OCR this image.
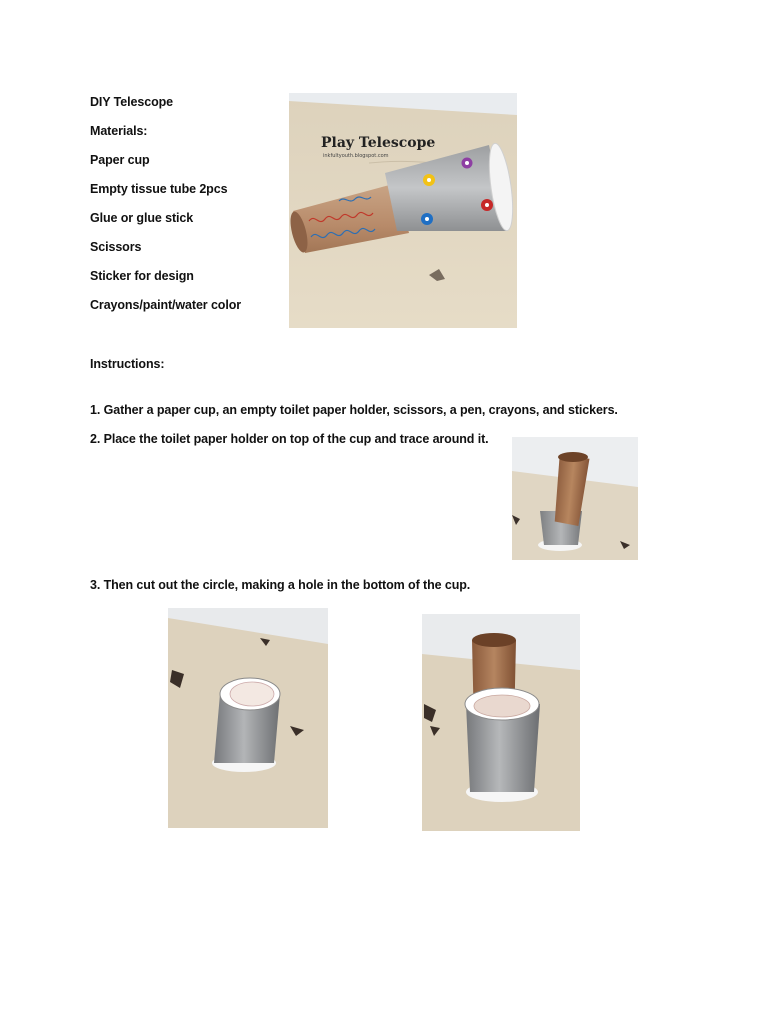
DIY Telescope
Materials:
Paper cup
Empty tissue tube 2pcs
Glue or glue stick
Scissors
Sticker for design
Crayons/paint/water color
Instructions:
1. Gather a paper cup, an empty toilet paper holder, scissors, a pen, crayons, and stickers.
2. Place the toilet paper holder on top of the cup and trace around it.
3. Then cut out the circle, making a hole in the bottom of the cup.
Play Telescope
inkfultyouth.blogspot.com
